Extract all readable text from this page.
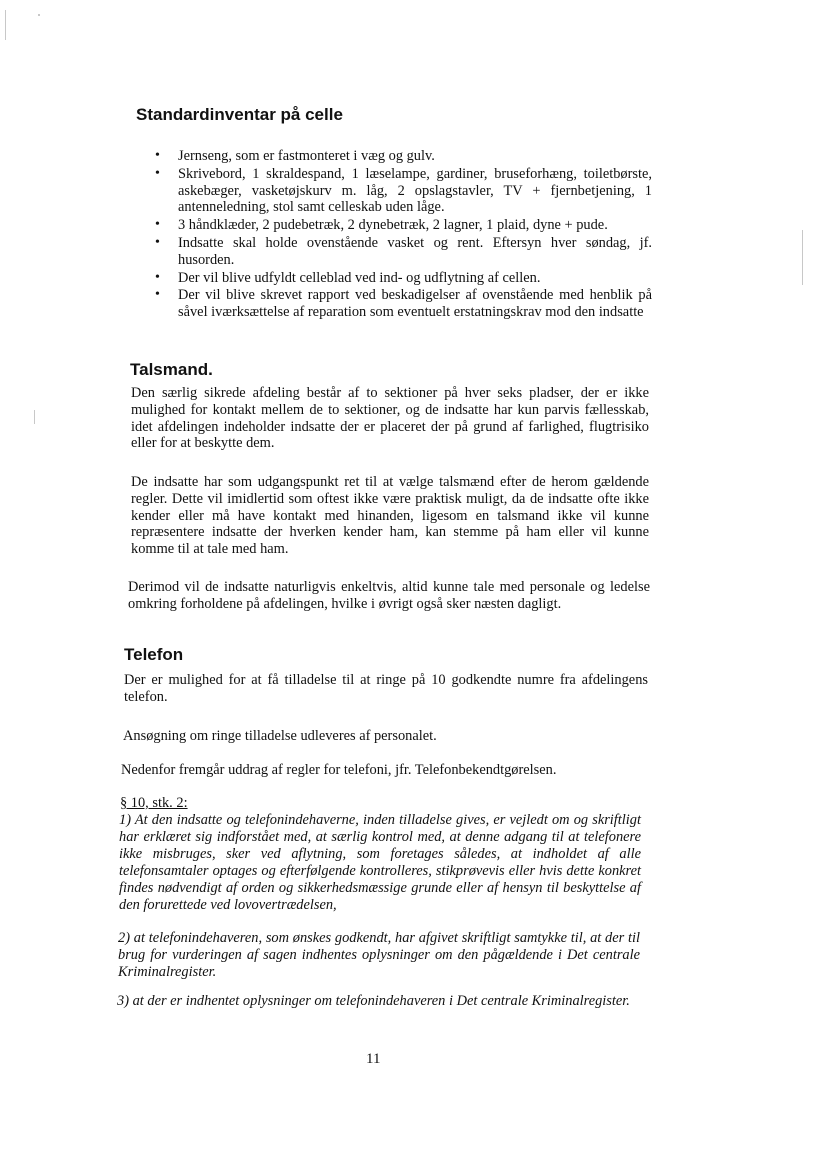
Standardinventar på celle
• Jernseng, som er fastmonteret i væg og gulv.
• Skrivebord, 1 skraldespand, 1 læselampe, gardiner, bruseforhæng, toiletbørste, askebæger, vasketøjskurv m. låg, 2 opslagstavler, TV + fjernbetjening, 1 antenneledning, stol samt celleskab uden låge.
• 3 håndklæder, 2 pudebetræk, 2 dynebetræk, 2 lagner, 1 plaid, dyne + pude.
• Indsatte skal holde ovenstående vasket og rent. Eftersyn hver søndag, jf. husorden.
• Der vil blive udfyldt celleblad ved ind- og udflytning af cellen.
• Der vil blive skrevet rapport ved beskadigelser af ovenstående med henblik på såvel iværksættelse af reparation som eventuelt erstatningskrav mod den indsatte
Talsmand.

Den særlig sikrede afdeling består af to sektioner på hver seks pladser, der er ikke mulighed for kontakt mellem de to sektioner, og de indsatte har kun parvis fællesskab, idet afdelingen indeholder indsatte der er placeret der på grund af farlighed, flugtrisiko eller for at beskytte dem.

De indsatte har som udgangspunkt ret til at vælge talsmænd efter de herom gældende regler. Dette vil imidlertid som oftest ikke være praktisk muligt, da de indsatte ofte ikke kender eller må have kontakt med hinanden, ligesom en talsmand ikke vil kunne repræsentere indsatte der hverken kender ham, kan stemme på ham eller vil kunne komme til at tale med ham.

Derimod vil de indsatte naturligvis enkeltvis, altid kunne tale med personale og ledelse omkring forholdene på afdelingen, hvilke i øvrigt også sker næsten dagligt.

Telefon

Der er mulighed for at få tilladelse til at ringe på 10 godkendte numre fra afdelingens telefon.

Ansøgning om ringe tilladelse udleveres af personalet.

Nedenfor fremgår uddrag af regler for telefoni, jfr. Telefonbekendtgørelsen.

§ 10, stk. 2:

1) At den indsatte og telefonindehaverne, inden tilladelse gives, er vejledt om og skriftligt har erklæret sig indforstået med, at særlig kontrol med, at denne adgang til at telefonere ikke misbruges, sker ved aflytning, som foretages således, at indholdet af alle telefonsamtaler optages og efterfølgende kontrolleres, stikprøvevis eller hvis dette konkret findes nødvendigt af orden og sikkerhedsmæssige grunde eller af hensyn til beskyttelse af den forurettede ved lovovertrædelsen,

2) at telefonindehaveren, som ønskes godkendt, har afgivet skriftligt samtykke til, at der til brug for vurderingen af sagen indhentes oplysninger om den pågældende i Det centrale Kriminalregister.

3) at der er indhentet oplysninger om telefonindehaveren i Det centrale Kriminalregister.

11
